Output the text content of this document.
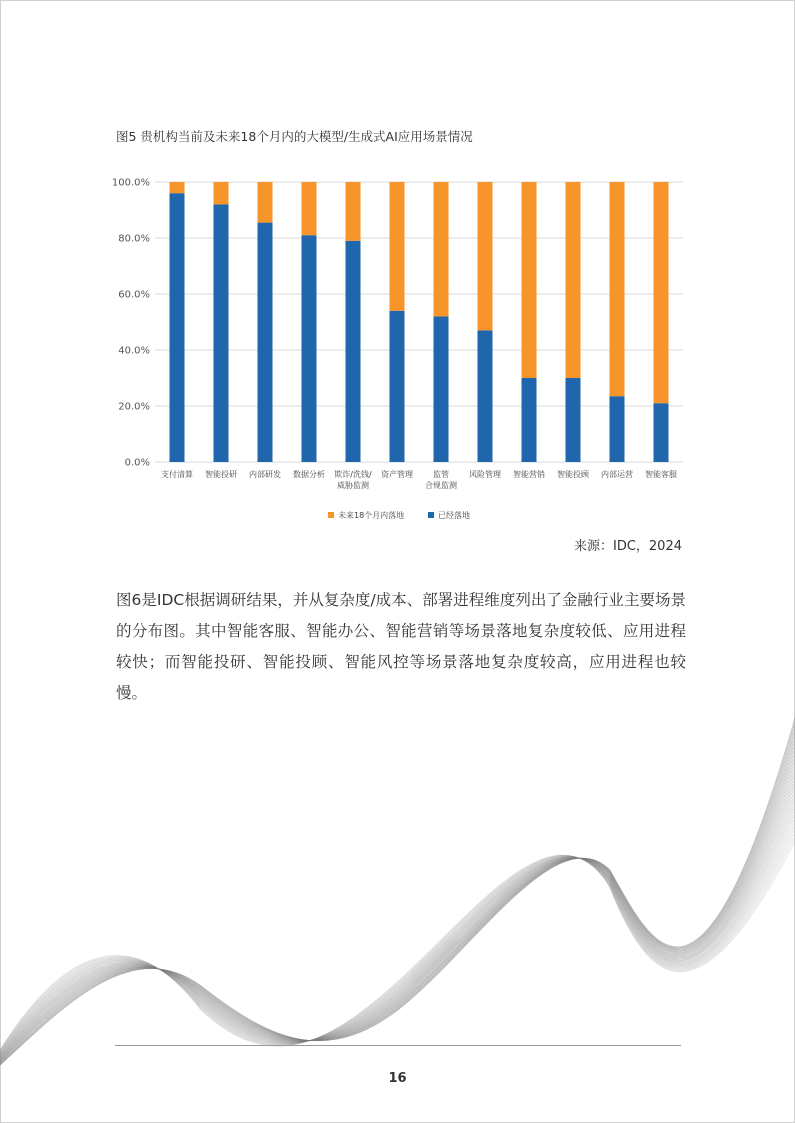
图5 贵机构当前及未来18个月内的大模型/生成式AI应用场景情况
0.0%
20.0%
40.0%
60.0%
80.0%
100.0%
支付清算 智能投研 内部研发 数据分析 欺诈/洗钱/威胁监测
资产管理	监管合规监测
风险管理 智能营销 智能投顾 内部运营 智能客服
未来18个月内落地	已经落地
来源：IDC，2024
图6是IDC根据调研结果，并从复杂度/成本、部署进程维度列出了金融行业主要场景的分布图。其中智能客服、智能办公、智能营销等场景落地复杂度较低、应用进程较快；而智能投研、智能投顾、智能风控等场景落地复杂度较高，应用进程也较慢。
16
